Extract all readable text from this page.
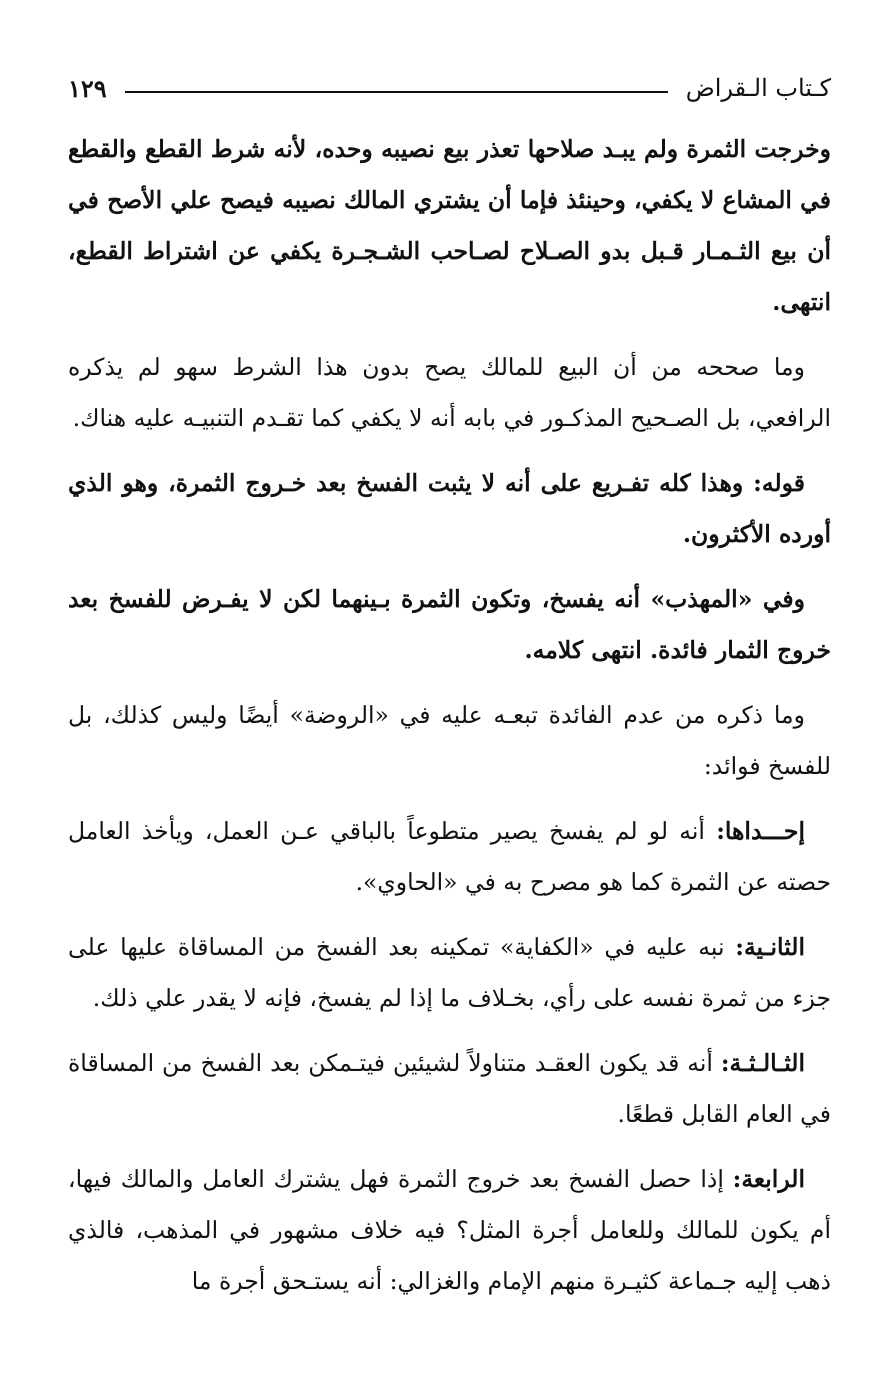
كـتاب الـقراض
١٢٩

وخرجت الثمرة ولم يبـد صلاحها تعذر بيع نصيبه وحده، لأنه شرط القطع والقطع في المشاع لا يكفي، وحينئذ فإما أن يشتري المالك نصيبه فيصح علي الأصح في أن بيع الثـمـار قـبل بدو الصـلاح لصـاحب الشـجـرة يكفي عن اشتراط القطع، انتهى.

وما صححه من أن البيع للمالك يصح بدون هذا الشرط سهو لم يذكره الرافعي، بل الصـحيح المذكـور في بابه أنه لا يكفي كما تقـدم التنبيـه عليه هناك.

قوله: وهذا كله تفـريع على أنه لا يثبت الفسخ بعد خـروج الثمرة، وهو الذي أورده الأكثرون.

وفي «المهذب» أنه يفسخ، وتكون الثمرة بـينهما لكن لا يفـرض للفسخ بعد خروج الثمار فائدة. انتهى كلامه.

وما ذكره من عدم الفائدة تبعـه عليه في «الروضة» أيضًا وليس كذلك، بل للفسخ فوائد:

إحـــداها: أنه لو لم يفسخ يصير متطوعاً بالباقي عـن العمل، ويأخذ العامل حصته عن الثمرة كما هو مصرح به في «الحاوي».

الثانـية: نبه عليه في «الكفاية» تمكينه بعد الفسخ من المساقاة عليها على جزء من ثمرة نفسه على رأي، بخـلاف ما إذا لم يفسخ، فإنه لا يقدر علي ذلك.

الثـالـثـة: أنه قد يكون العقـد متناولاً لشيئين فيتـمكن بعد الفسخ من المساقاة في العام القابل قطعًا.

الرابعة: إذا حصل الفسخ بعد خروج الثمرة فهل يشترك العامل والمالك فيها، أم يكون للمالك وللعامل أجرة المثل؟ فيه خلاف مشهور في المذهب، فالذي ذهب إليه جـماعة كثيـرة منهم الإمام والغزالي: أنه يستـحق أجرة ما
